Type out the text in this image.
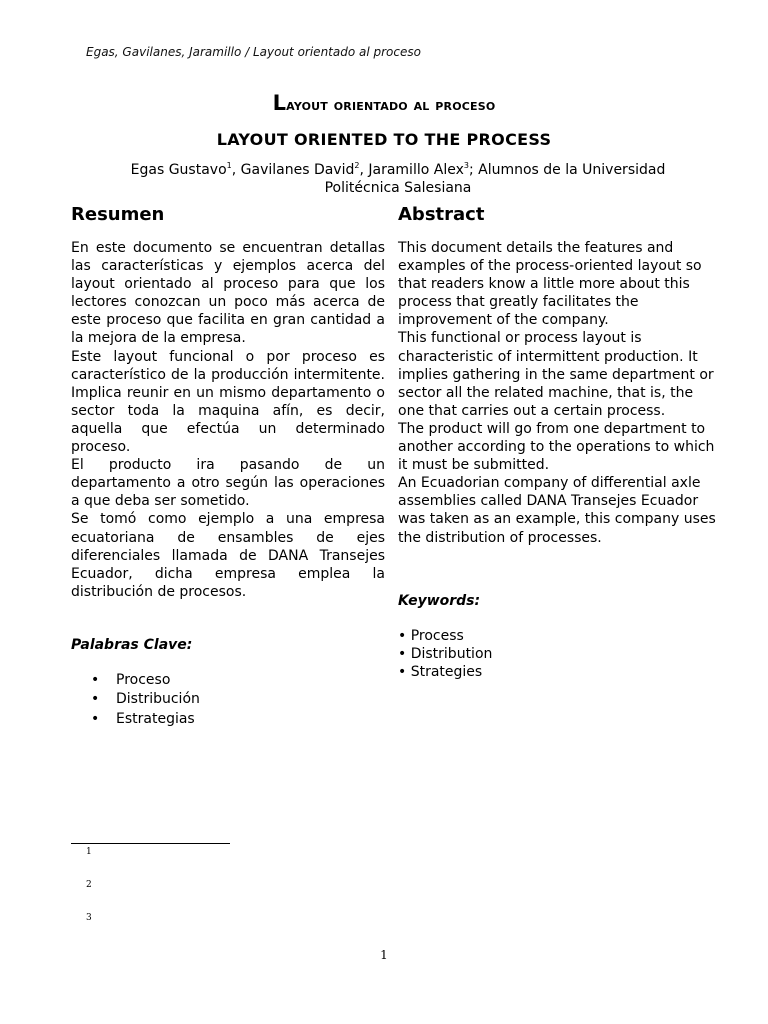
Egas, Gavilanes, Jaramillo / Layout orientado al proceso
Layout orientado al proceso
LAYOUT ORIENTED TO THE PROCESS
Egas Gustavo$^1$, Gavilanes David$^2$, Jaramillo Alex$^3$; Alumnos de la Universidad Politécnica Salesiana
Resumen

En este documento se encuentran detallas las características y ejemplos acerca del layout orientado al proceso para que los lectores conozcan un poco más acerca de este proceso que facilita en gran cantidad a la mejora de la empresa.

Este layout funcional o por proceso es característico de la producción intermitente. Implica reunir en un mismo departamento o sector toda la maquina afín, es decir, aquella que efectúa un determinado proceso.

El producto ira pasando de un departamento a otro según las operaciones a que deba ser sometido.

Se tomó como ejemplo a una empresa ecuatoriana de ensambles de ejes diferenciales llamada de DANA Transejes Ecuador, dicha empresa emplea la distribución de procesos.

Palabras Clave:
• Proceso
• Distribución
• Estrategias
Abstract

This document details the features and examples of the process-oriented layout so that readers know a little more about this process that greatly facilitates the improvement of the company.

This functional or process layout is characteristic of intermittent production. It implies gathering in the same department or sector all the related machine, that is, the one that carries out a certain process.

The product will go from one department to another according to the operations to which it must be submitted.

An Ecuadorian company of differential axle assemblies called DANA Transejes Ecuador was taken as an example, this company uses the distribution of processes.

Keywords:
• Process
• Distribution
• Strategies
1
2
3
1
